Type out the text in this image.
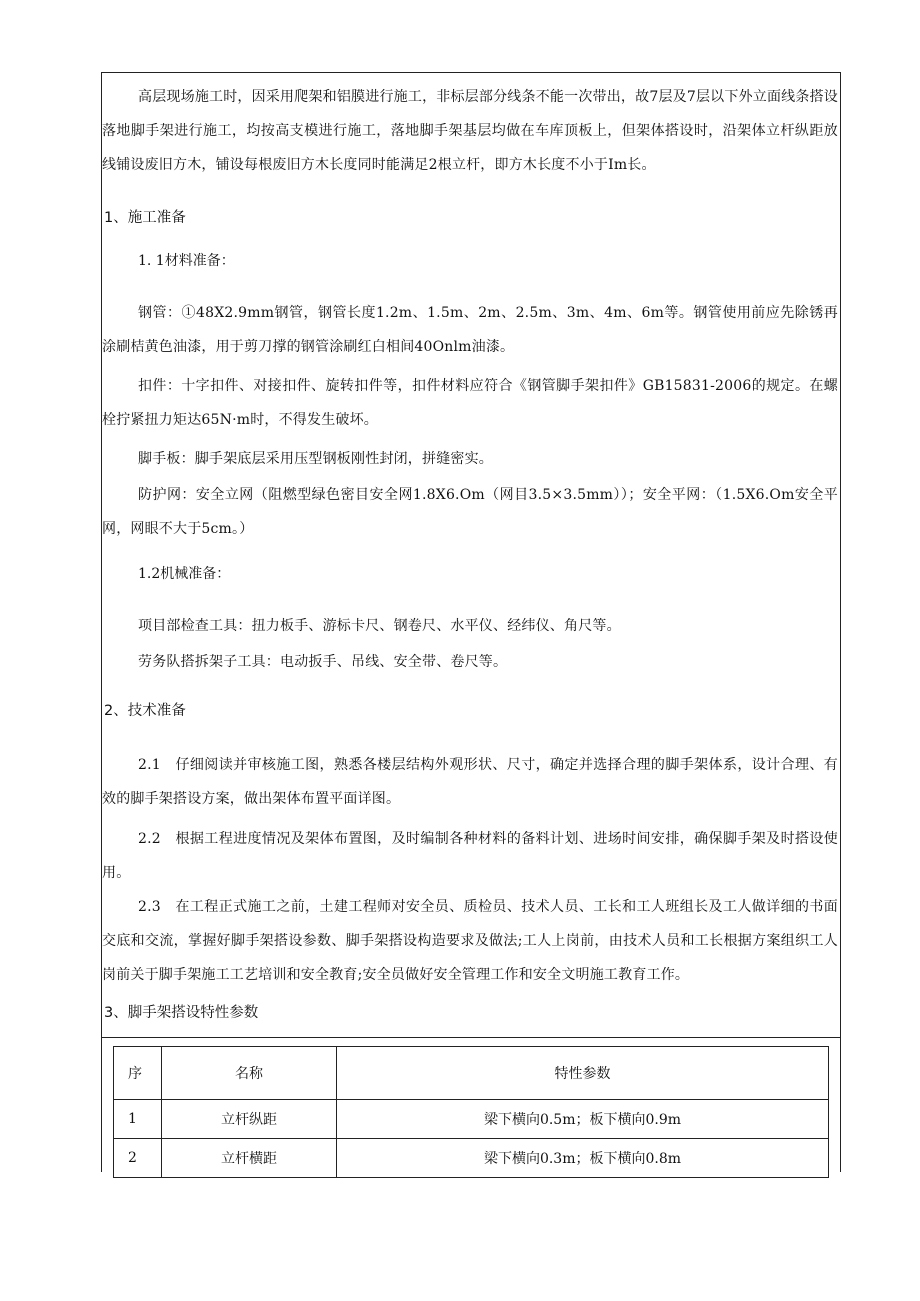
高层现场施工时，因采用爬架和铝膜进行施工，非标层部分线条不能一次带出，故7层及7层以下外立面线条搭设落地脚手架进行施工，均按高支模进行施工，落地脚手架基层均做在车库顶板上，但架体搭设时，沿架体立杆纵距放线铺设废旧方木，铺设每根废旧方木长度同时能满足2根立杆，即方木长度不小于Im长。
1、施工准备
1. 1材料准备：
钢管：①48X2.9mm钢管，钢管长度1.2m、1.5m、2m、2.5m、3m、4m、6m等。钢管使用前应先除锈再涂刷桔黄色油漆，用于剪刀撑的钢管涂刷红白相间40Onlm油漆。
扣件：十字扣件、对接扣件、旋转扣件等，扣件材料应符合《钢管脚手架扣件》GB15831-2006的规定。在螺栓拧紧扭力矩达65N·m时，不得发生破坏。
脚手板：脚手架底层采用压型钢板刚性封闭，拼缝密实。
防护网：安全立网（阻燃型绿色密目安全网1.8X6.Om（网目3.5×3.5mm））；安全平网：（1.5X6.Om安全平网，网眼不大于5cm。）
1.2机械准备：
项目部检查工具：扭力板手、游标卡尺、钢卷尺、水平仪、经纬仪、角尺等。
劳务队搭拆架子工具：电动扳手、吊线、安全带、卷尺等。
2、技术准备
2.1　仔细阅读并审核施工图，熟悉各楼层结构外观形状、尺寸，确定并选择合理的脚手架体系，设计合理、有效的脚手架搭设方案，做出架体布置平面详图。
2.2　根据工程进度情况及架体布置图，及时编制各种材料的备料计划、进场时间安排，确保脚手架及时搭设使用。
2.3　在工程正式施工之前，土建工程师对安全员、质检员、技术人员、工长和工人班组长及工人做详细的书面交底和交流，掌握好脚手架搭设参数、脚手架搭设构造要求及做法;工人上岗前，由技术人员和工长根据方案组织工人岗前关于脚手架施工工艺培训和安全教育;安全员做好安全管理工作和安全文明施工教育工作。
3、脚手架搭设特性参数
序	名称	特性参数
1	立杆纵距	梁下横向0.5m；板下横向0.9m
2	立杆横距	梁下横向0.3m；板下横向0.8m
